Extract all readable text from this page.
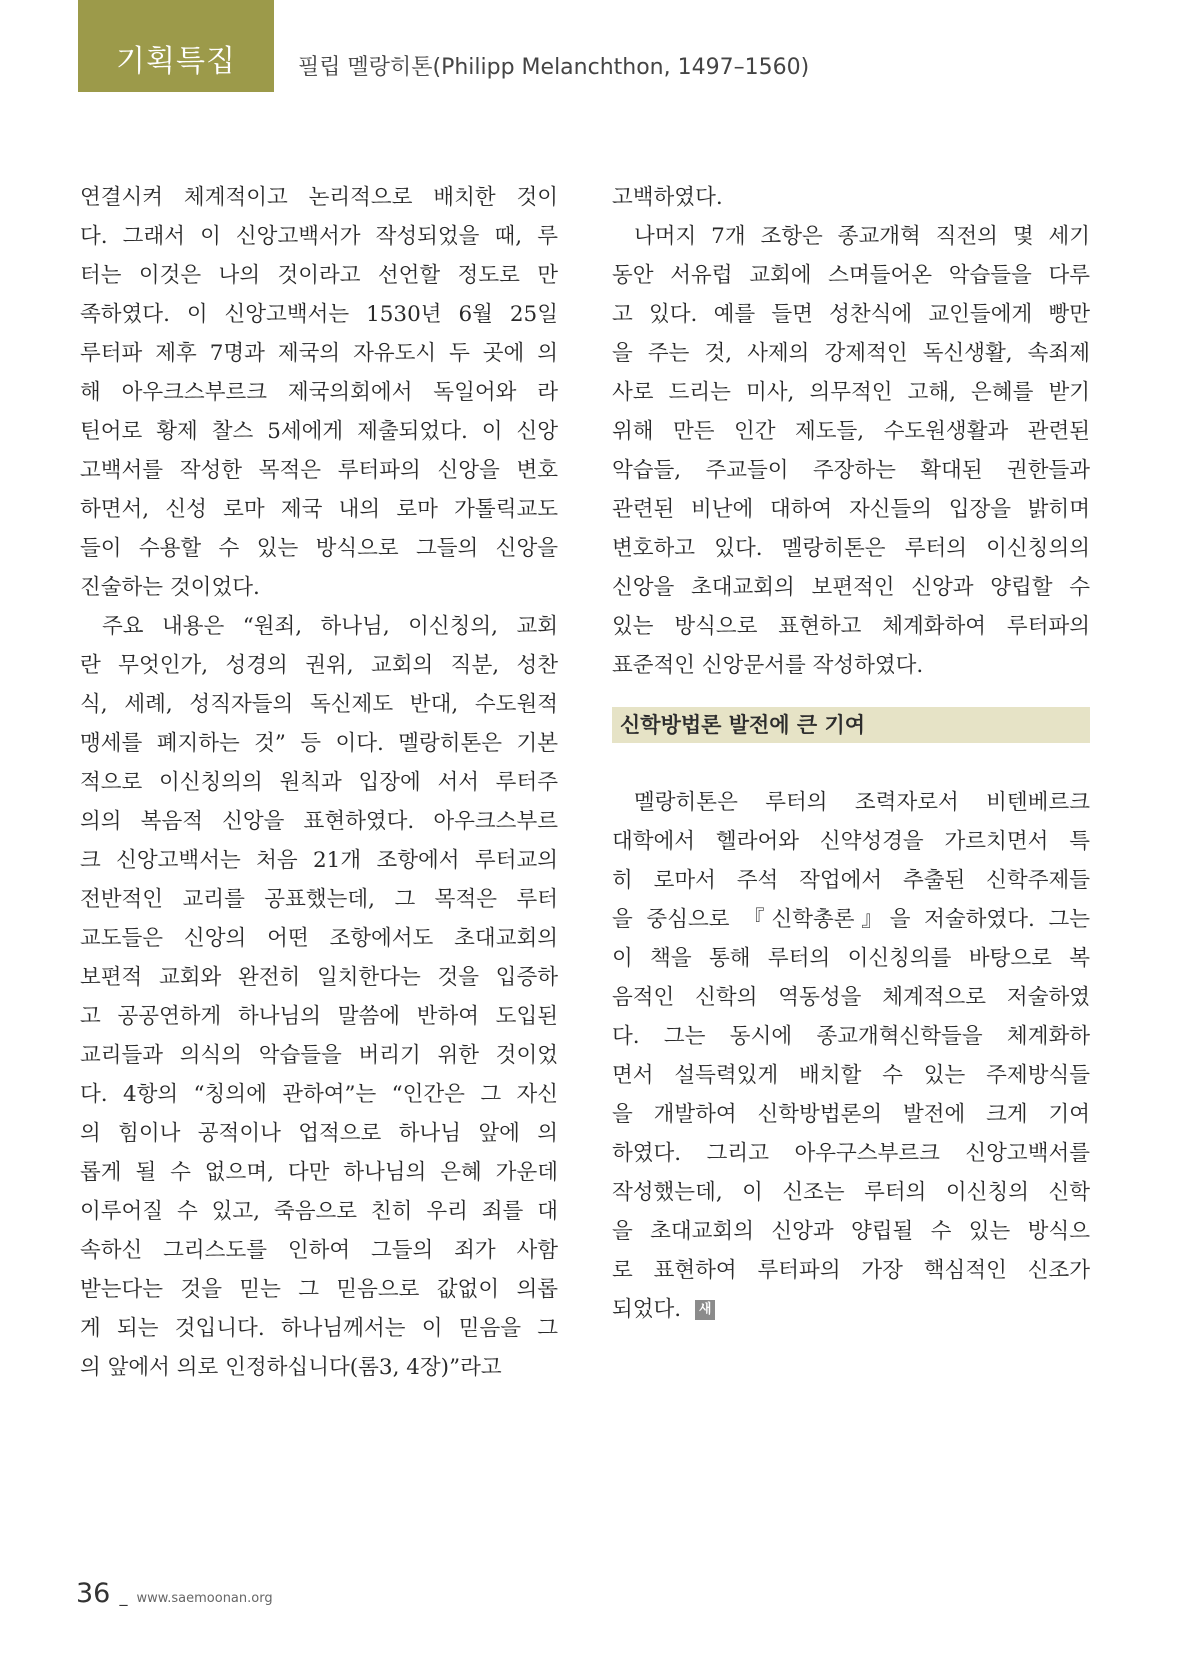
기획특집	필립 멜랑히톤(Philipp Melanchthon, 1497–1560)
연결시켜 체계적이고 논리적으로 배치한 것이
다. 그래서 이 신앙고백서가 작성되었을 때, 루
터는 이것은 나의 것이라고 선언할 정도로 만
족하였다. 이 신앙고백서는 1530년 6월 25일
루터파 제후 7명과 제국의 자유도시 두 곳에 의
해 아우크스부르크 제국의회에서 독일어와 라
틴어로 황제 찰스 5세에게 제출되었다. 이 신앙
고백서를 작성한 목적은 루터파의 신앙을 변호
하면서, 신성 로마 제국 내의 로마 가톨릭교도
들이 수용할 수 있는 방식으로 그들의 신앙을
진술하는 것이었다.
주요 내용은 “원죄, 하나님, 이신칭의, 교회
란 무엇인가, 성경의 권위, 교회의 직분, 성찬
식, 세례, 성직자들의 독신제도 반대, 수도원적
맹세를 폐지하는 것” 등 이다. 멜랑히톤은 기본
적으로 이신칭의의 원칙과 입장에 서서 루터주
의의 복음적 신앙을 표현하였다. 아우크스부르
크 신앙고백서는 처음 21개 조항에서 루터교의
전반적인 교리를 공표했는데, 그 목적은 루터
교도들은 신앙의 어떤 조항에서도 초대교회의
보편적 교회와 완전히 일치한다는 것을 입증하
고 공공연하게 하나님의 말씀에 반하여 도입된
교리들과 의식의 악습들을 버리기 위한 것이었
다. 4항의 “칭의에 관하여”는 “인간은 그 자신
의 힘이나 공적이나 업적으로 하나님 앞에 의
롭게 될 수 없으며, 다만 하나님의 은혜 가운데
이루어질 수 있고, 죽음으로 친히 우리 죄를 대
속하신 그리스도를 인하여 그들의 죄가 사함
받는다는 것을 믿는 그 믿음으로 값없이 의롭
게 되는 것입니다. 하나님께서는 이 믿음을 그
의 앞에서 의로 인정하십니다(롬3, 4장)”라고
고백하였다.
나머지 7개 조항은 종교개혁 직전의 몇 세기
동안 서유럽 교회에 스며들어온 악습들을 다루
고 있다. 예를 들면 성찬식에 교인들에게 빵만
을 주는 것, 사제의 강제적인 독신생활, 속죄제
사로 드리는 미사, 의무적인 고해, 은혜를 받기
위해 만든 인간 제도들, 수도원생활과 관련된
악습들, 주교들이 주장하는 확대된 권한들과
관련된 비난에 대하여 자신들의 입장을 밝히며
변호하고 있다. 멜랑히톤은 루터의 이신칭의의
신앙을 초대교회의 보편적인 신앙과 양립할 수
있는 방식으로 표현하고 체계화하여 루터파의
표준적인 신앙문서를 작성하였다.
신학방법론 발전에 큰 기여
멜랑히톤은 루터의 조력자로서 비텐베르크
대학에서 헬라어와 신약성경을 가르치면서 특
히 로마서 주석 작업에서 추출된 신학주제들
을 중심으로 『신학총론』을 저술하였다. 그는
이 책을 통해 루터의 이신칭의를 바탕으로 복
음적인 신학의 역동성을 체계적으로 저술하였
다. 그는 동시에 종교개혁신학들을 체계화하
면서 설득력있게 배치할 수 있는 주제방식들
을 개발하여 신학방법론의 발전에 크게 기여
하였다. 그리고 아우구스부르크 신앙고백서를
작성했는데, 이 신조는 루터의 이신칭의 신학
을 초대교회의 신앙과 양립될 수 있는 방식으
로 표현하여 루터파의 가장 핵심적인 신조가
되었다. 새
36 _ www.saemoonan.org
